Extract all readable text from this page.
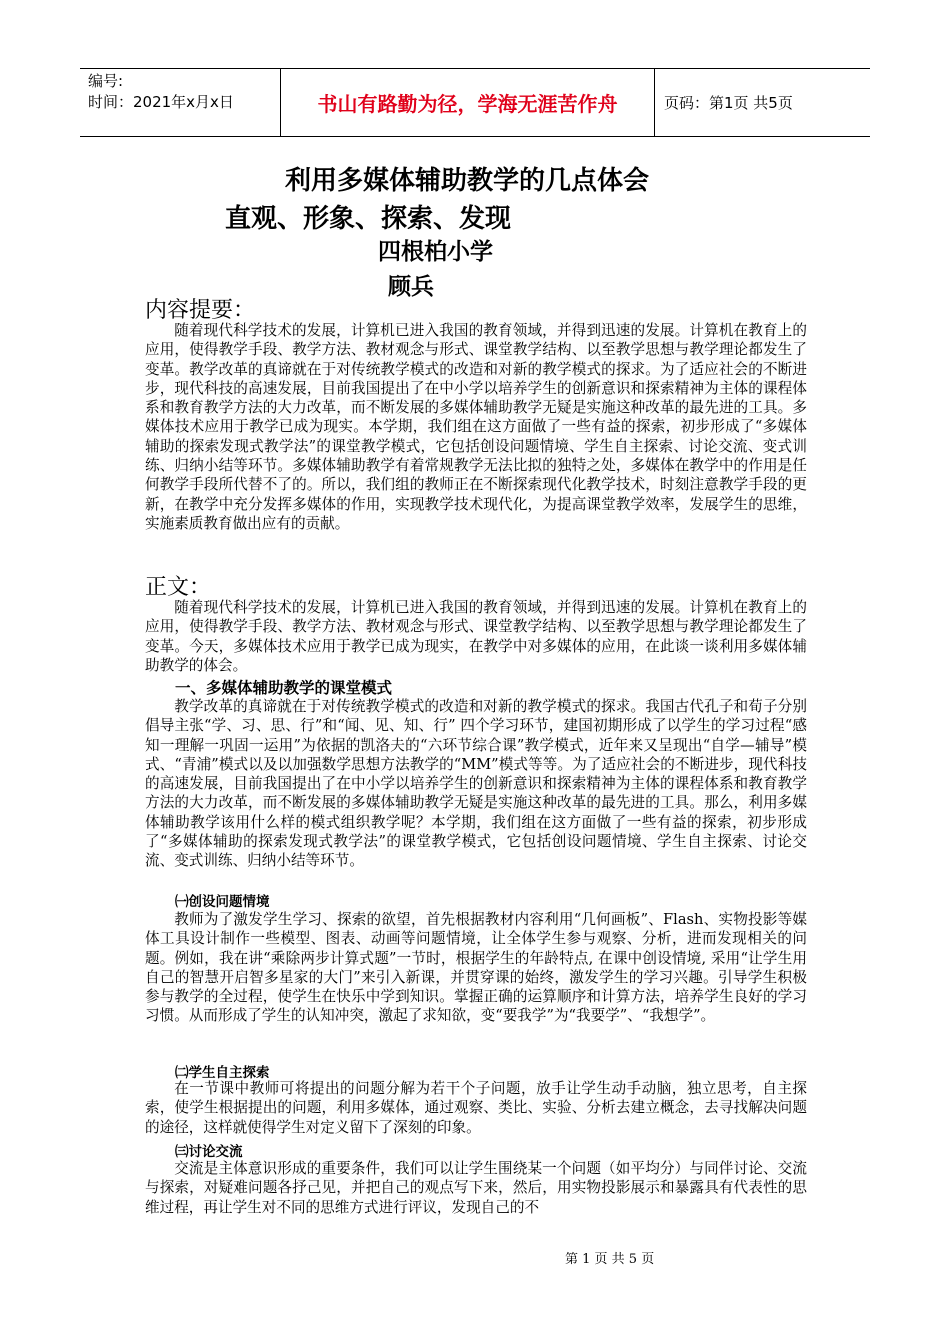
编号:
时间：2021年x月x日	书山有路勤为径，学海无涯苦作舟	页码：第1页 共5页
利用多媒体辅助教学的几点体会
直观、形象、探索、发现
四根柏小学
顾兵
内容提要：
随着现代科学技术的发展，计算机已进入我国的教育领域，并得到迅速的发展。计算机在教育上的应用，使得教学手段、教学方法、教材观念与形式、课堂教学结构、以至教学思想与教学理论都发生了变革。教学改革的真谛就在于对传统教学模式的改造和对新的教学模式的探求。为了适应社会的不断进步，现代科技的高速发展，目前我国提出了在中小学以培养学生的创新意识和探索精神为主体的课程体系和教育教学方法的大力改革，而不断发展的多媒体辅助教学无疑是实施这种改革的最先进的工具。多媒体技术应用于教学已成为现实。本学期，我们组在这方面做了一些有益的探索，初步形成了“多媒体辅助的探索发现式教学法”的课堂教学模式，它包括创设问题情境、学生自主探索、讨论交流、变式训练、归纳小结等环节。多媒体辅助教学有着常规教学无法比拟的独特之处，多媒体在教学中的作用是任何教学手段所代替不了的。所以，我们组的教师正在不断探索现代化教学技术，时刻注意教学手段的更新，在教学中充分发挥多媒体的作用，实现教学技术现代化，为提高课堂教学效率，发展学生的思维，实施素质教育做出应有的贡献。
正文：
随着现代科学技术的发展，计算机已进入我国的教育领域，并得到迅速的发展。计算机在教育上的应用，使得教学手段、教学方法、教材观念与形式、课堂教学结构、以至教学思想与教学理论都发生了变革。今天，多媒体技术应用于教学已成为现实，在教学中对多媒体的应用，在此谈一谈利用多媒体辅助教学的体会。
一、多媒体辅助教学的课堂模式
教学改革的真谛就在于对传统教学模式的改造和对新的教学模式的探求。我国古代孔子和荀子分别倡导主张“学、习、思、行”和“闻、见、知、行” 四个学习环节，建国初期形成了以学生的学习过程“感知一理解一巩固一运用”为依据的凯洛夫的“六环节综合课”教学模式，近年来又呈现出“自学—辅导”模式、“青浦”模式以及以加强数学思想方法教学的“MM”模式等等。为了适应社会的不断进步，现代科技的高速发展，目前我国提出了在中小学以培养学生的创新意识和探索精神为主体的课程体系和教育教学方法的大力改革，而不断发展的多媒体辅助教学无疑是实施这种改革的最先进的工具。那么，利用多媒体辅助教学该用什么样的模式组织教学呢？本学期，我们组在这方面做了一些有益的探索，初步形成了“多媒体辅助的探索发现式教学法”的课堂教学模式，它包括创设问题情境、学生自主探索、讨论交流、变式训练、归纳小结等环节。
㈠创设问题情境
教师为了激发学生学习、探索的欲望，首先根据教材内容利用“几何画板”、Flash、实物投影等媒体工具设计制作一些模型、图表、动画等问题情境，让全体学生参与观察、分析，进而发现相关的问题。例如，我在讲“乘除两步计算式题”一节时，根据学生的年龄特点, 在课中创设情境, 采用“让学生用自己的智慧开启智多星家的大门”来引入新课，并贯穿课的始终，激发学生的学习兴趣。引导学生积极参与教学的全过程，使学生在快乐中学到知识。掌握正确的运算顺序和计算方法，培养学生良好的学习习惯。从而形成了学生的认知冲突，激起了求知欲，变“要我学”为“我要学”、“我想学”。
㈡学生自主探索
在一节课中教师可将提出的问题分解为若干个子问题，放手让学生动手动脑，独立思考，自主探索，使学生根据提出的问题，利用多媒体，通过观察、类比、实验、分析去建立概念，去寻找解决问题的途径，这样就使得学生对定义留下了深刻的印象。
㈢讨论交流
交流是主体意识形成的重要条件，我们可以让学生围绕某一个问题（如平均分）与同伴讨论、交流与探索，对疑难问题各抒己见，并把自己的观点写下来，然后，用实物投影展示和暴露具有代表性的思维过程，再让学生对不同的思维方式进行评议，发现自己的不
第 1 页 共 5 页
